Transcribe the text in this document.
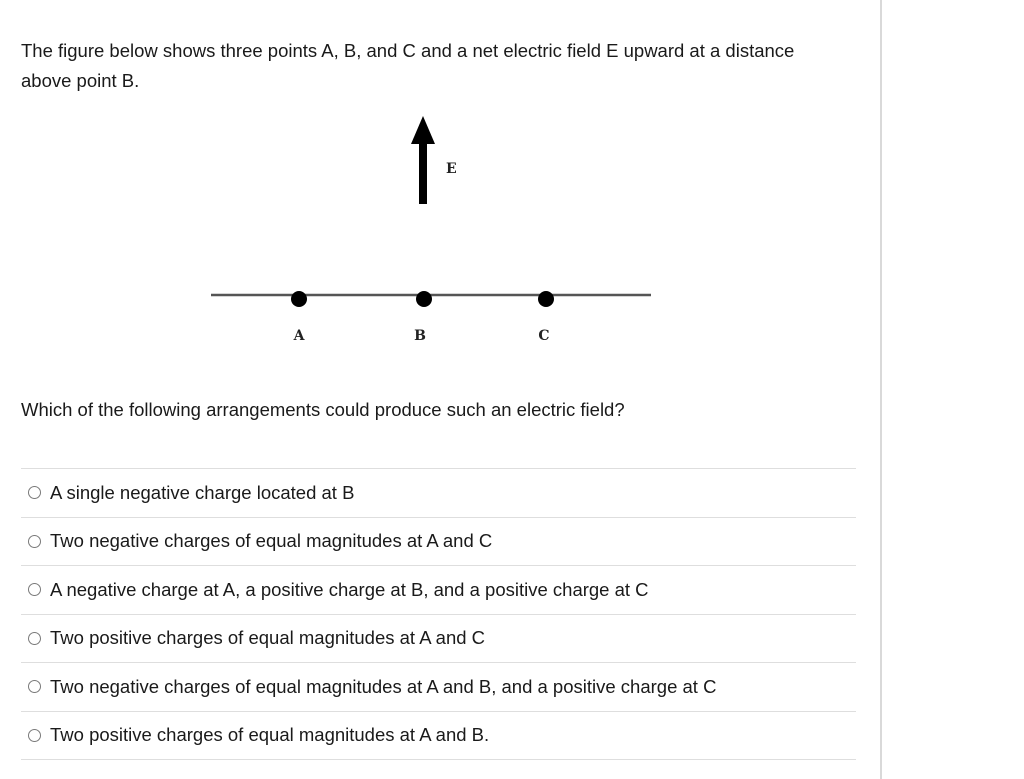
The figure below shows three points A, B, and C and a net electric field E upward at a distance above point B.

E
A	B	C

Which of the following arrangements could produce such an electric field?

A single negative charge located at B
Two negative charges of equal magnitudes at A and C
A negative charge at A, a positive charge at B, and a positive charge at C
Two positive charges of equal magnitudes at A and C
Two negative charges of equal magnitudes at A and B, and a positive charge at C
Two positive charges of equal magnitudes at A and B.
